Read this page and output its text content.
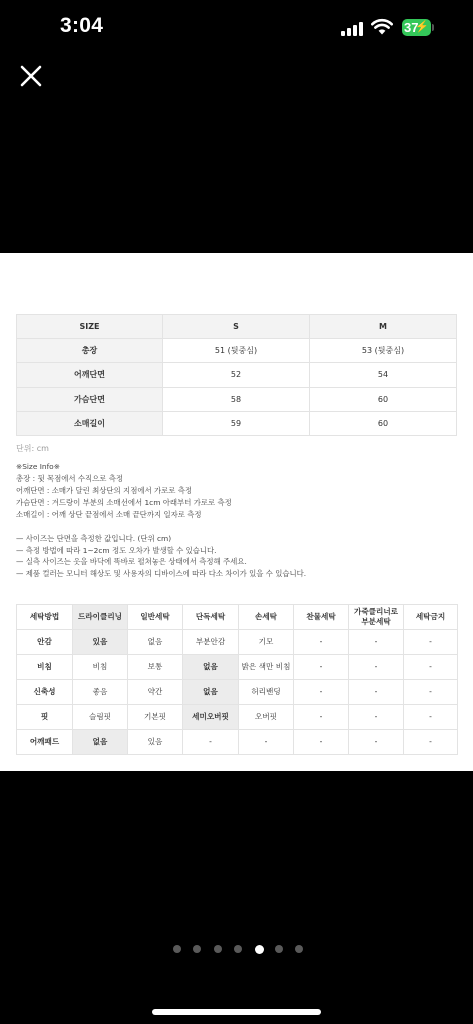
3:04	37
⚡
SIZE	S	M
총장	51 (뒷중심)	53 (뒷중심)
어깨단면	52	54
가슴단면	58	60
소매길이	59	60
단위: cm
※Size Info※
총장 : 뒷 목점에서 수직으로 측정
어깨단면 : 소매가 달린 최상단의 지점에서 가로로 측정
가슴단면 : 겨드랑이 부분의 소매선에서 1cm 아래부터 가로로 측정
소매길이 : 어깨 상단 끝점에서 소매 끝단까지 일자로 측정
— 사이즈는 단면을 측정한 값입니다. (단위 cm)
— 측정 방법에 따라 1~2cm 정도 오차가 발생할 수 있습니다.
— 실측 사이즈는 옷을 바닥에 똑바로 펼쳐놓은 상태에서 측정해 주세요.
— 제품 컬러는 모니터 해상도 및 사용자의 디바이스에 따라 다소 차이가 있을 수 있습니다.
세탁방법	드라이클리닝	일반세탁	단독세탁	손세탁	찬물세탁	가죽클리너로 부분세탁	세탁금지
안감	있음	없음	부분안감	기모	-	-	-
비침	비침	보통	없음	밝은 색만 비침	-	-	-
신축성	좋음	약간	없음	허리밴딩	-	-	-
핏	슬림핏	기본핏	세미오버핏	오버핏	-	-	-
어깨패드	없음	있음	-	-	-	-	-
